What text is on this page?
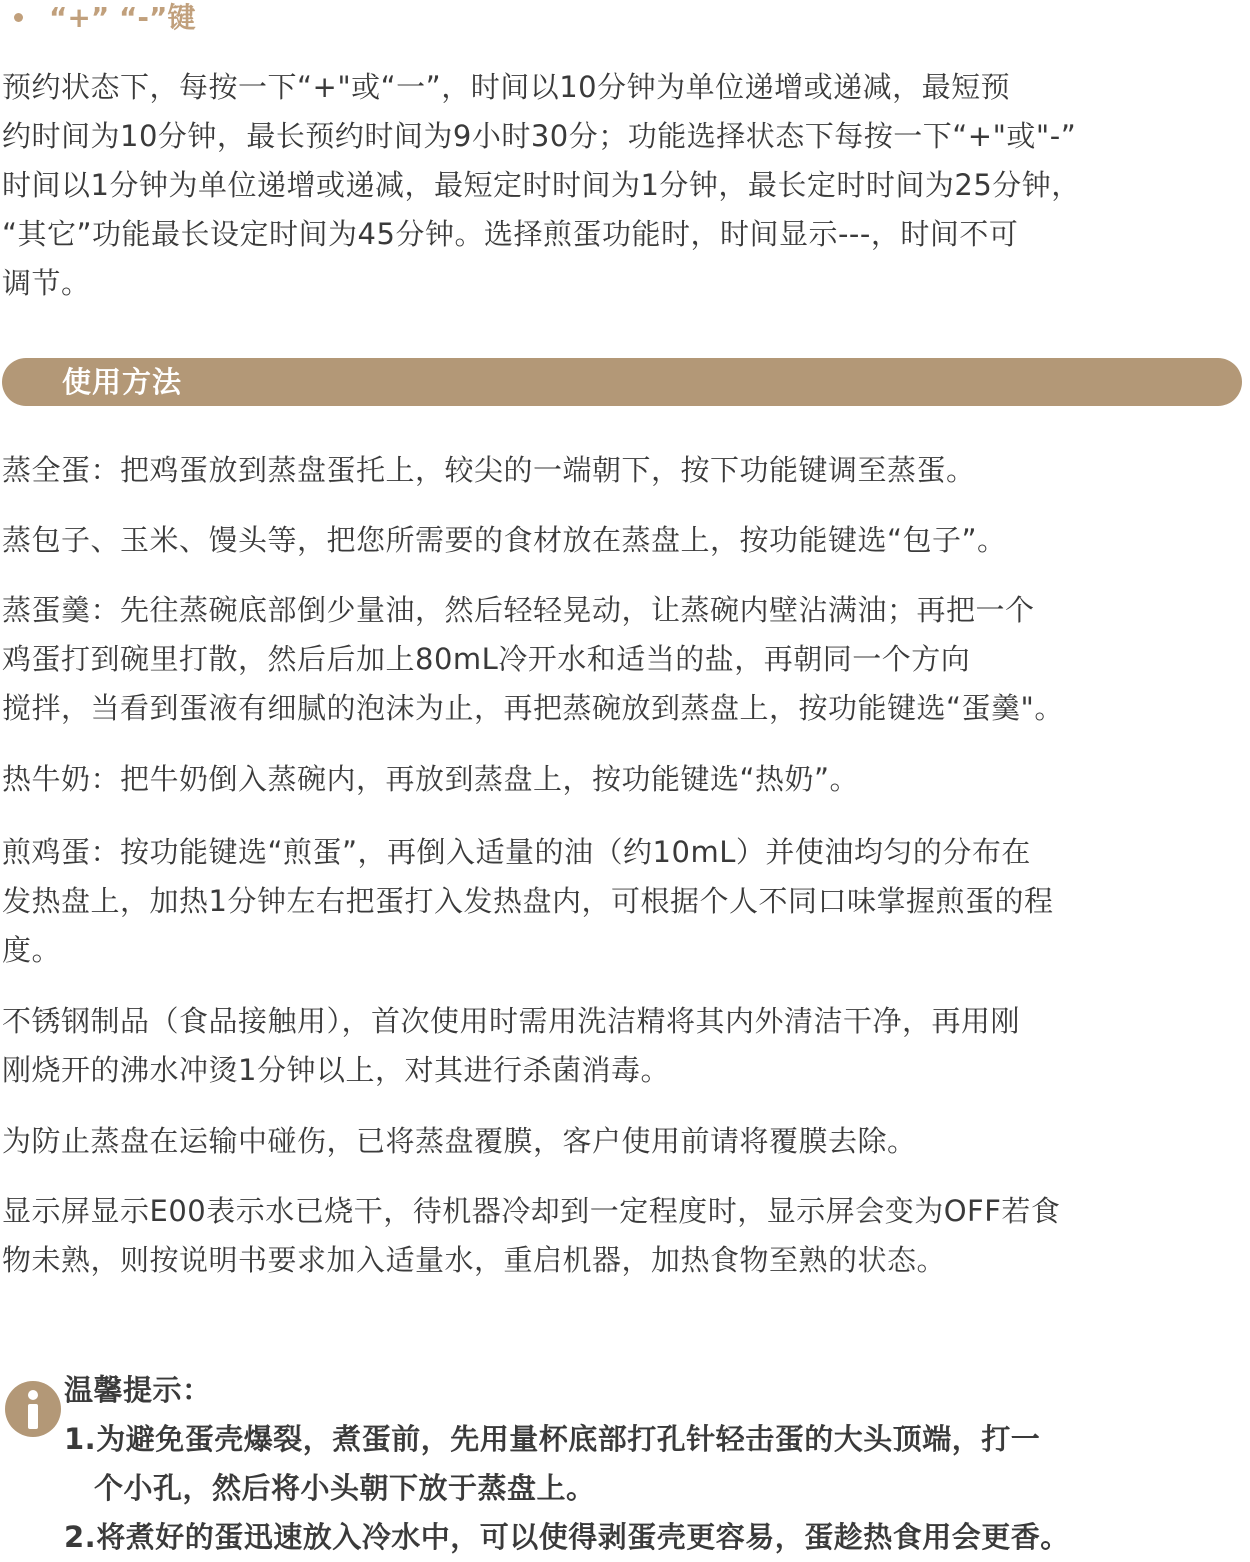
“+” “-”键

预约状态下，每按一下“+"或“一”，时间以10分钟为单位递增或递减，最短预
约时间为10分钟，最长预约时间为9小时30分；功能选择状态下每按一下“+"或"-”
时间以1分钟为单位递增或递减，最短定时时间为1分钟，最长定时时间为25分钟，
“其它”功能最长设定时间为45分钟。选择煎蛋功能时，时间显示---，时间不可
调节。

使用方法

蒸全蛋：把鸡蛋放到蒸盘蛋托上，较尖的一端朝下，按下功能键调至蒸蛋。

蒸包子、玉米、馒头等，把您所需要的食材放在蒸盘上，按功能键选“包子”。

蒸蛋羹：先往蒸碗底部倒少量油，然后轻轻晃动，让蒸碗内壁沾满油；再把一个
鸡蛋打到碗里打散，然后后加上80mL冷开水和适当的盐，再朝同一个方向
搅拌，当看到蛋液有细腻的泡沫为止，再把蒸碗放到蒸盘上，按功能键选“蛋羹"。

热牛奶：把牛奶倒入蒸碗内，再放到蒸盘上，按功能键选“热奶”。

煎鸡蛋：按功能键选“煎蛋”，再倒入适量的油（约10mL）并使油均匀的分布在
发热盘上，加热1分钟左右把蛋打入发热盘内，可根据个人不同口味掌握煎蛋的程
度。

不锈钢制品（食品接触用），首次使用时需用洗洁精将其内外清洁干净，再用刚
刚烧开的沸水冲烫1分钟以上，对其进行杀菌消毒。

为防止蒸盘在运输中碰伤，已将蒸盘覆膜，客户使用前请将覆膜去除。

显示屏显示E00表示水已烧干，待机器冷却到一定程度时，显示屏会变为OFF若食
物未熟，则按说明书要求加入适量水，重启机器，加热食物至熟的状态。

温馨提示：
1.为避免蛋壳爆裂，煮蛋前，先用量杯底部打孔针轻击蛋的大头顶端，打一
个小孔，然后将小头朝下放于蒸盘上。
2.将煮好的蛋迅速放入冷水中，可以使得剥蛋壳更容易，蛋趁热食用会更香。
